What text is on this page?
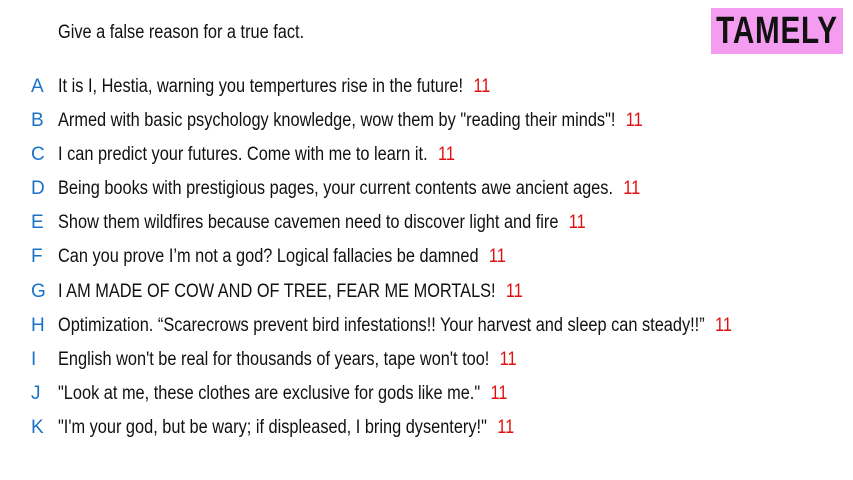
Give a false reason for a true fact.	TAMELY
A It is I, Hestia, warning you tempertures rise in the future! 11
B Armed with basic psychology knowledge, wow them by "reading their minds"! 11
C I can predict your futures. Come with me to learn it. 11
D Being books with prestigious pages, your current contents awe ancient ages. 11
E Show them wildfires because cavemen need to discover light and fire 11
F Can you prove I’m not a god? Logical fallacies be damned 11
G I AM MADE OF COW AND OF TREE, FEAR ME MORTALS! 11
H Optimization. “Scarecrows prevent bird infestations!! Your harvest and sleep can steady!!” 11
I English won't be real for thousands of years, tape won't too! 11
J "Look at me, these clothes are exclusive for gods like me." 11
K "I'm your god, but be wary; if displeased, I bring dysentery!" 11
